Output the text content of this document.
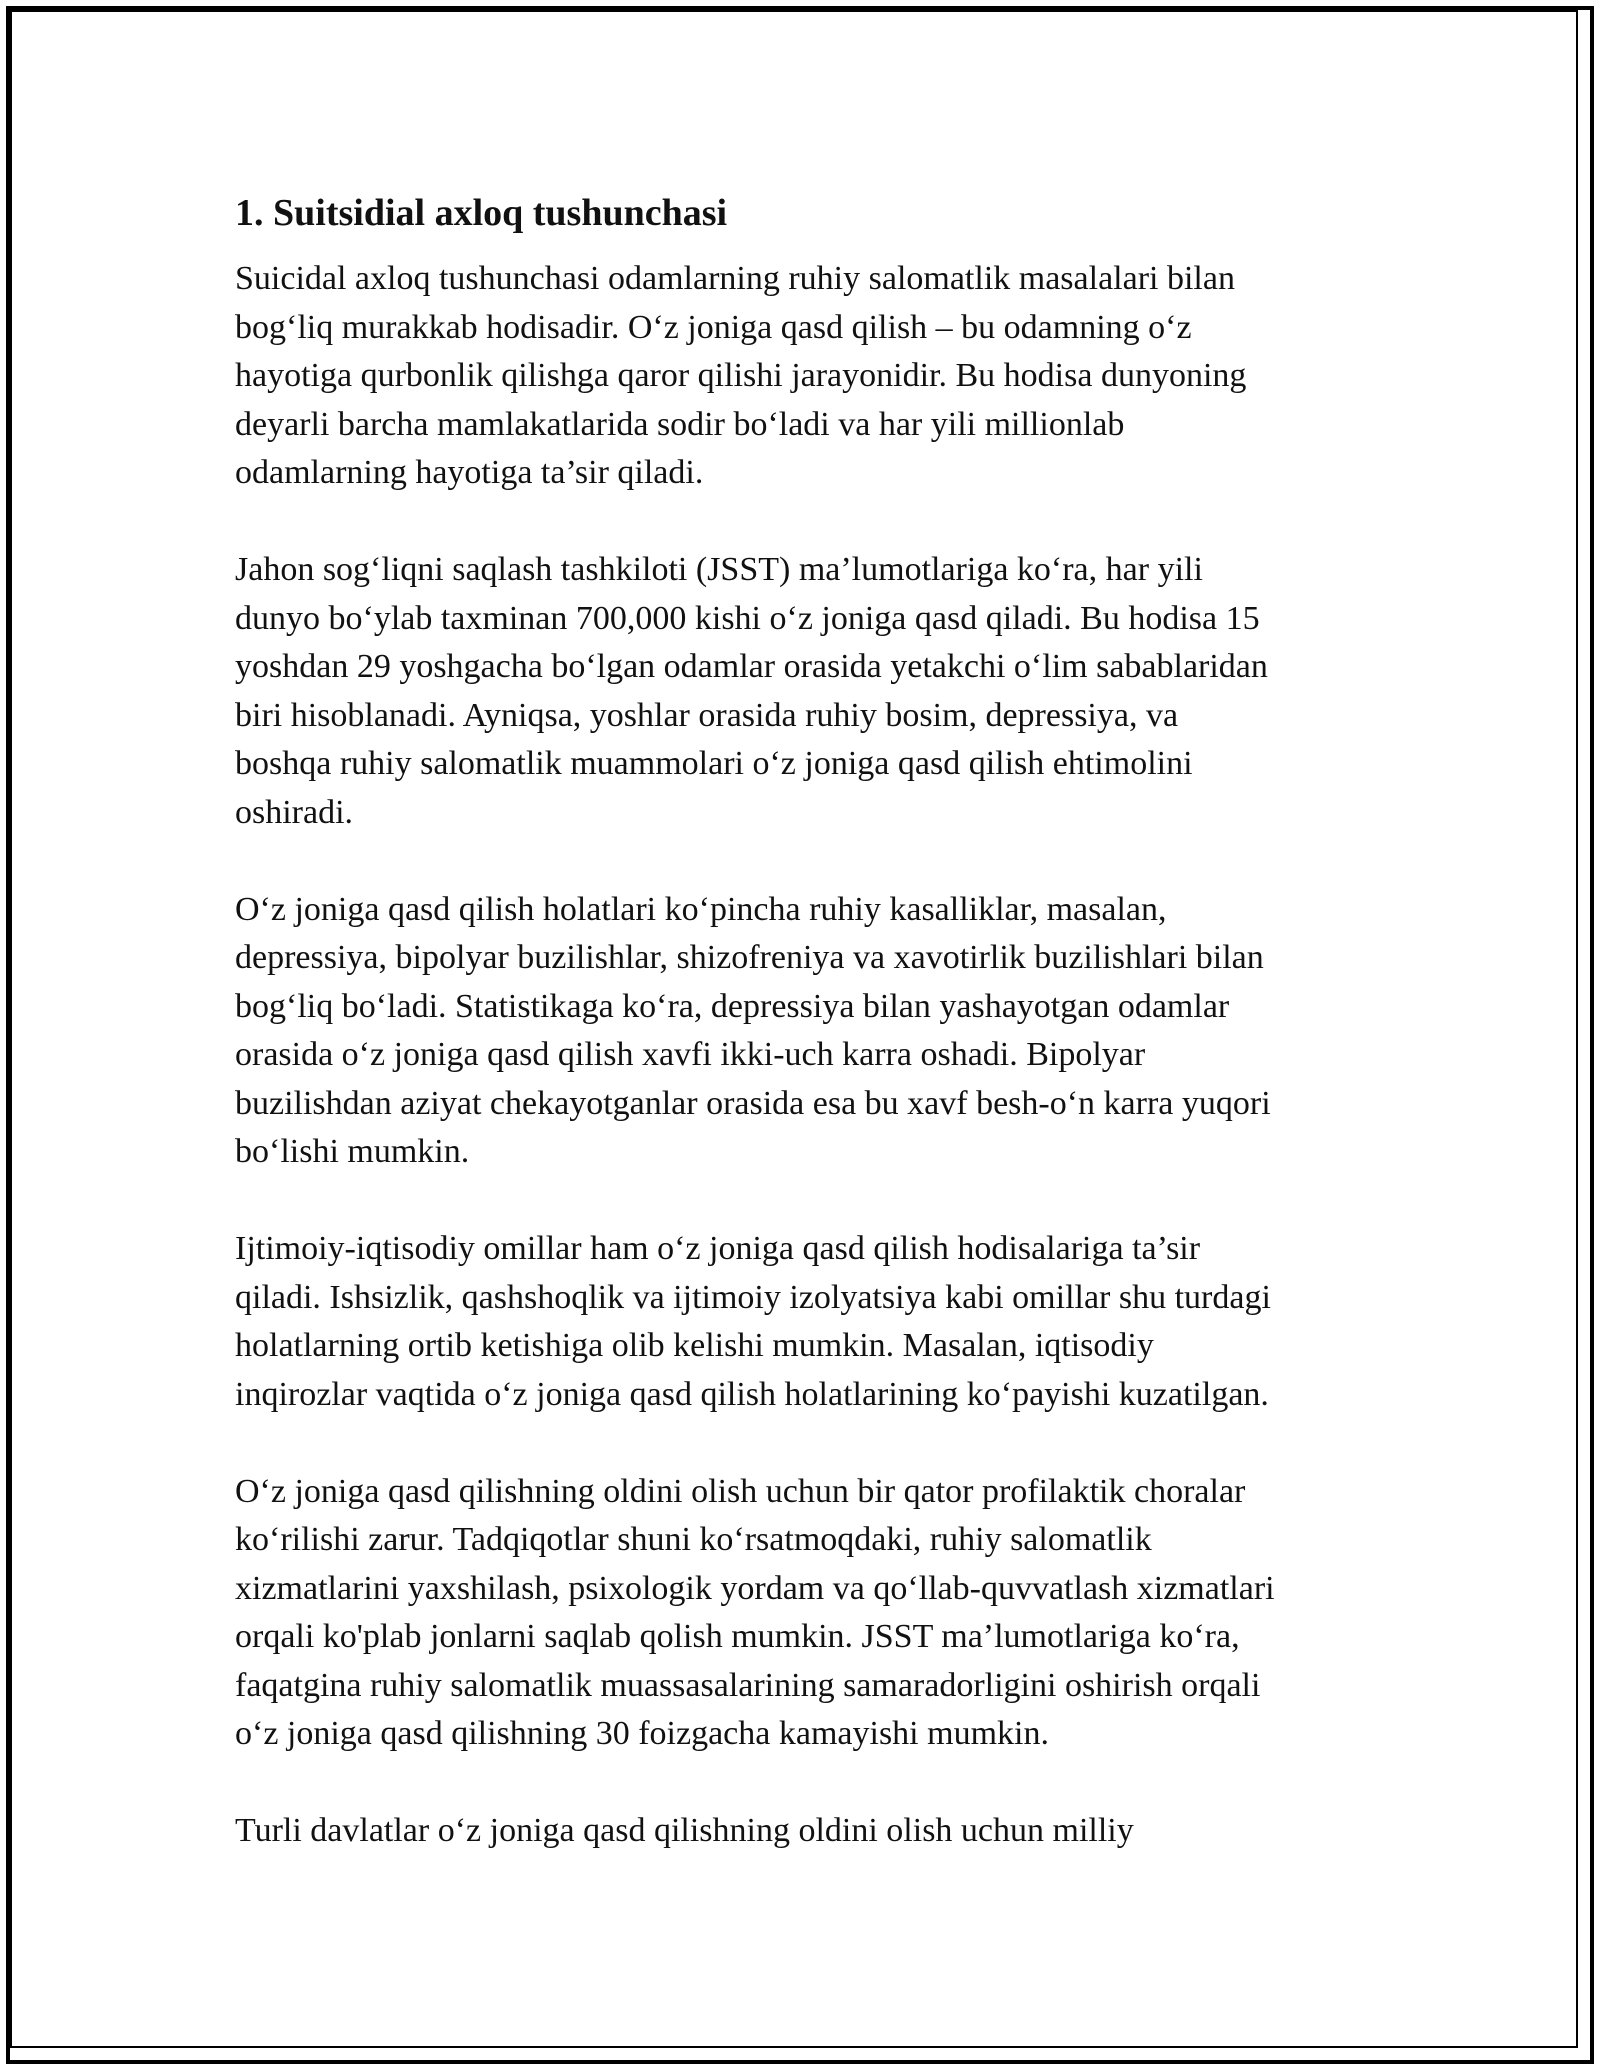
1. Suitsidial axloq tushunchasi

Suicidal axloq tushunchasi odamlarning ruhiy salomatlik masalalari bilan
bog‘liq murakkab hodisadir. O‘z joniga qasd qilish – bu odamning o‘z
hayotiga qurbonlik qilishga qaror qilishi jarayonidir. Bu hodisa dunyoning
deyarli barcha mamlakatlarida sodir bo‘ladi va har yili millionlab
odamlarning hayotiga ta’sir qiladi.

Jahon sog‘liqni saqlash tashkiloti (JSST) ma’lumotlariga ko‘ra, har yili
dunyo bo‘ylab taxminan 700,000 kishi o‘z joniga qasd qiladi. Bu hodisa 15
yoshdan 29 yoshgacha bo‘lgan odamlar orasida yetakchi o‘lim sabablaridan
biri hisoblanadi. Ayniqsa, yoshlar orasida ruhiy bosim, depressiya, va
boshqa ruhiy salomatlik muammolari o‘z joniga qasd qilish ehtimolini
oshiradi.

O‘z joniga qasd qilish holatlari ko‘pincha ruhiy kasalliklar, masalan,
depressiya, bipolyar buzilishlar, shizofreniya va xavotirlik buzilishlari bilan
bog‘liq bo‘ladi. Statistikaga ko‘ra, depressiya bilan yashayotgan odamlar
orasida o‘z joniga qasd qilish xavfi ikki-uch karra oshadi. Bipolyar
buzilishdan aziyat chekayotganlar orasida esa bu xavf besh-o‘n karra yuqori
bo‘lishi mumkin.

Ijtimoiy-iqtisodiy omillar ham o‘z joniga qasd qilish hodisalariga ta’sir
qiladi. Ishsizlik, qashshoqlik va ijtimoiy izolyatsiya kabi omillar shu turdagi
holatlarning ortib ketishiga olib kelishi mumkin. Masalan, iqtisodiy
inqirozlar vaqtida o‘z joniga qasd qilish holatlarining ko‘payishi kuzatilgan.

O‘z joniga qasd qilishning oldini olish uchun bir qator profilaktik choralar
ko‘rilishi zarur. Tadqiqotlar shuni ko‘rsatmoqdaki, ruhiy salomatlik
xizmatlarini yaxshilash, psixologik yordam va qo‘llab-quvvatlash xizmatlari
orqali ko'plab jonlarni saqlab qolish mumkin. JSST ma’lumotlariga ko‘ra,
faqatgina ruhiy salomatlik muassasalarining samaradorligini oshirish orqali
o‘z joniga qasd qilishning 30 foizgacha kamayishi mumkin.

Turli davlatlar o‘z joniga qasd qilishning oldini olish uchun milliy
